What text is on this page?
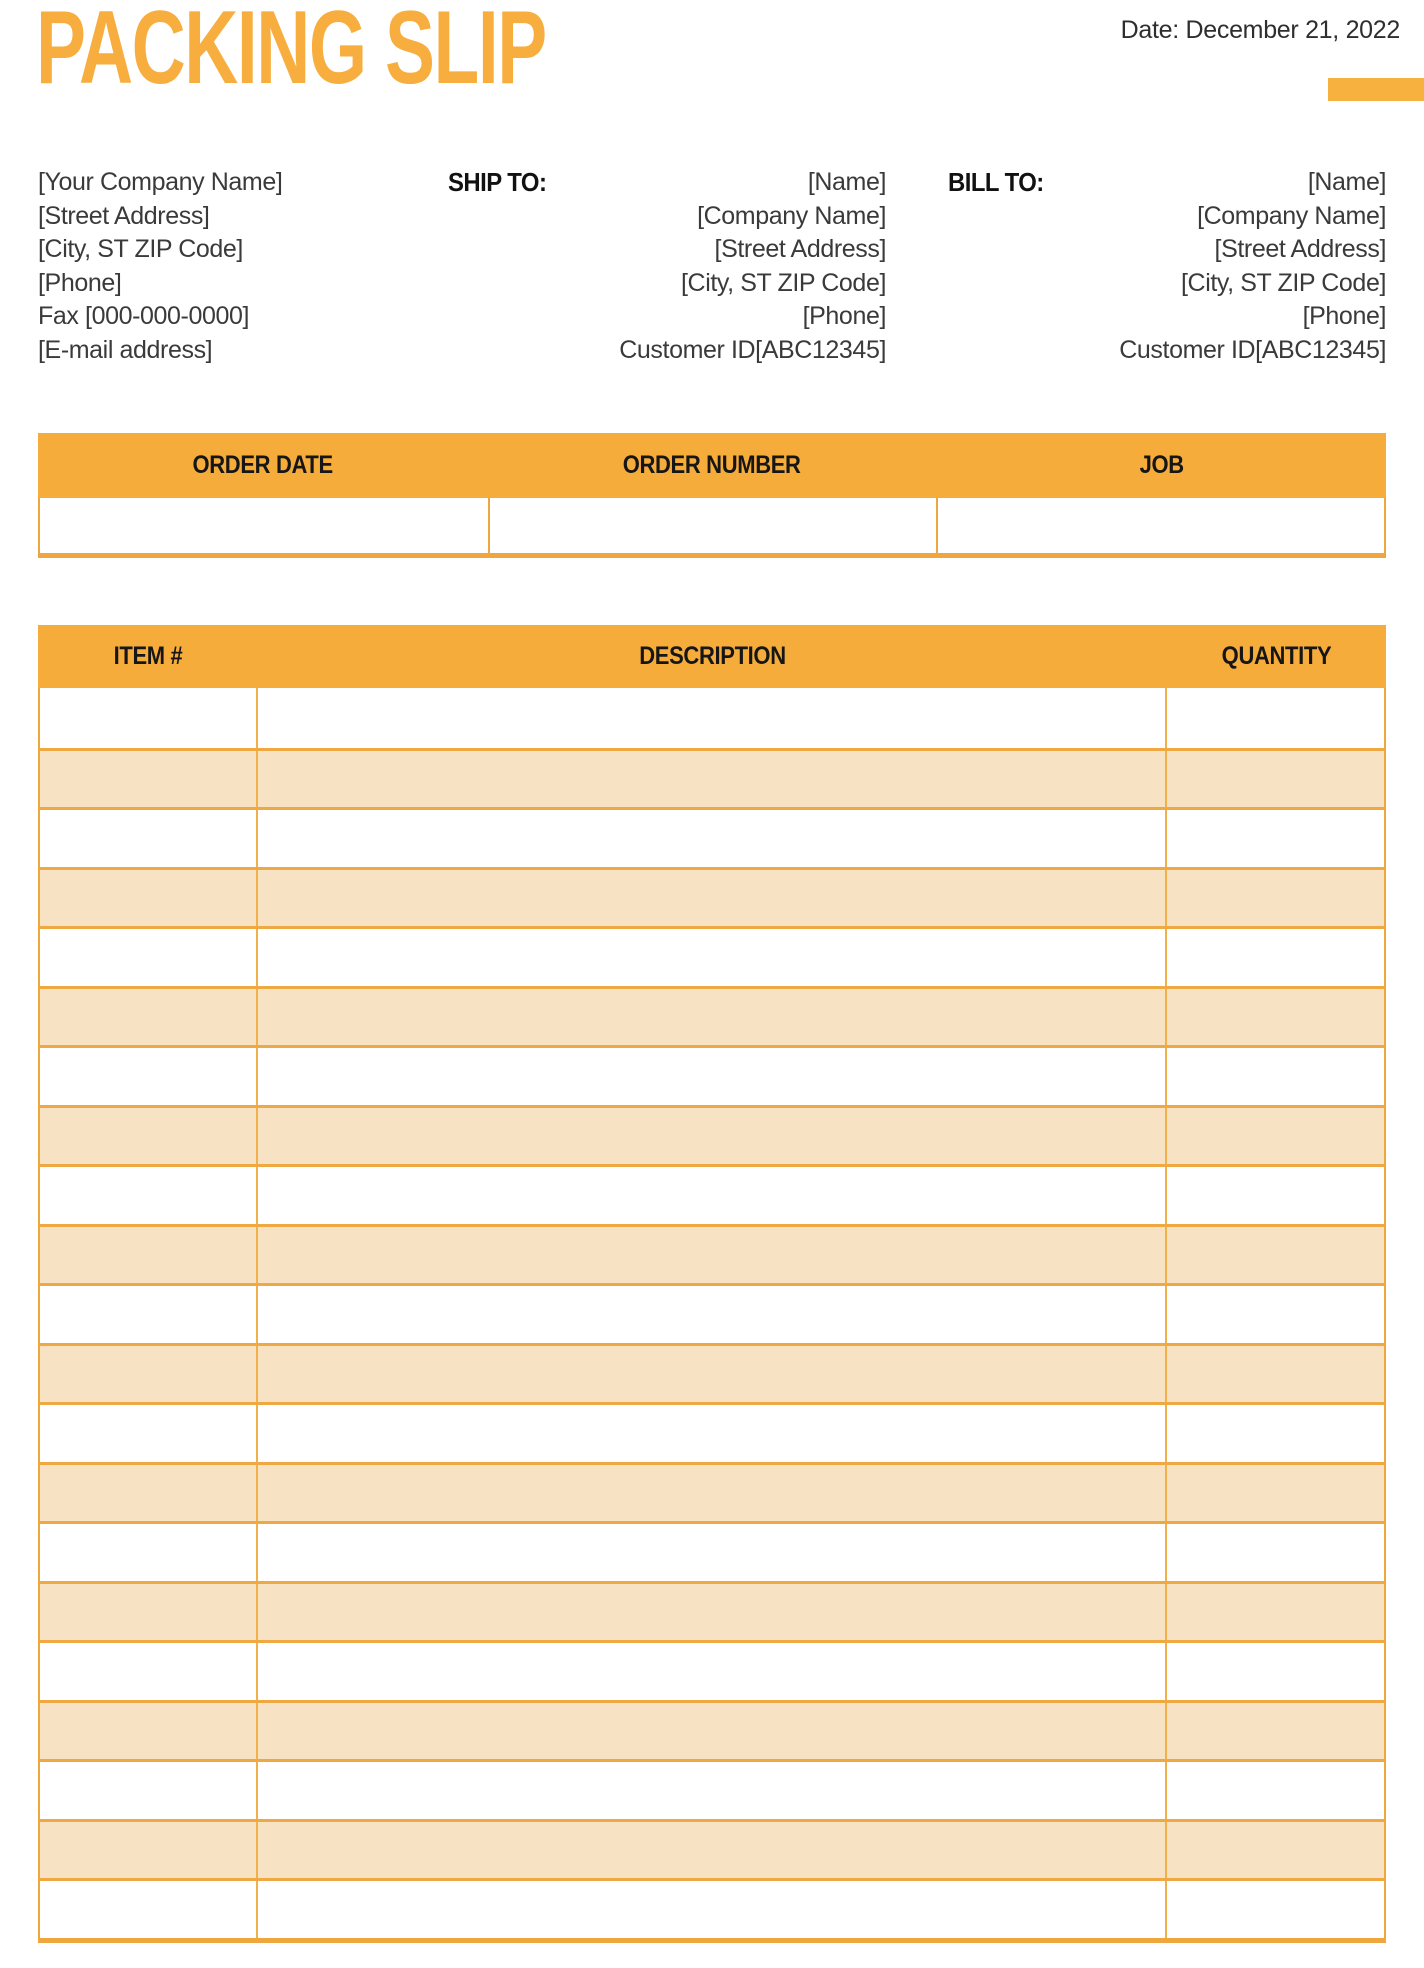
PACKING SLIP	Date: December 21, 2022
[Your Company Name]
[Street Address]
[City, ST ZIP Code]
[Phone]
Fax [000-000-0000]
[E-mail address]
SHIP TO:	[Name]
[Company Name]
[Street Address]
[City, ST ZIP Code]
[Phone]
Customer ID[ABC12345]
BILL TO:	[Name]
[Company Name]
[Street Address]
[City, ST ZIP Code]
[Phone]
Customer ID[ABC12345]
ORDER DATE	ORDER NUMBER	JOB
ITEM #	DESCRIPTION	QUANTITY
